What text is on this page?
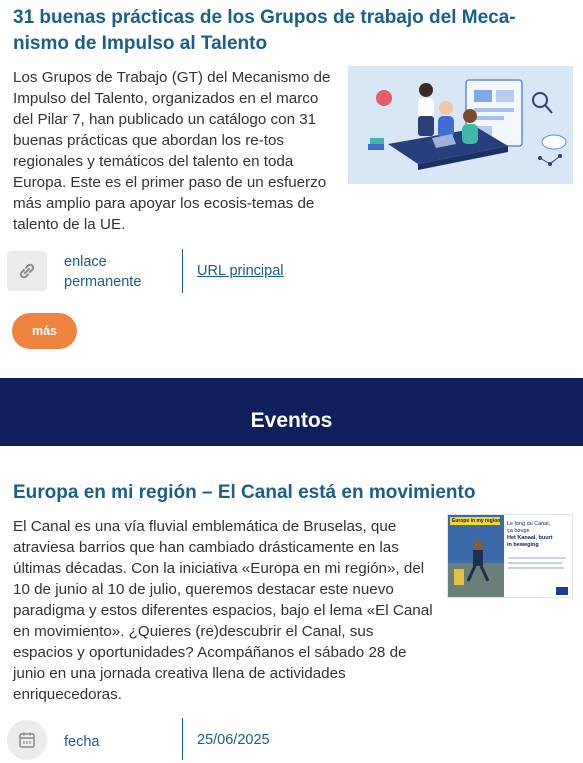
31 buenas prácticas de los Grupos de trabajo del Meca-nismo de Impulso al Talento

Los Grupos de Trabajo (GT) del Mecanismo de Impulso del Talento, organizados en el marco del Pilar 7, han publicado un catálogo con 31 buenas prácticas que abordan los re-tos regionales y temáticos del talento en toda Europa. Este es el primer paso de un esfuerzo más amplio para apoyar los ecosis-temas de talento de la UE.

enlace permanente
URL principal
más
Eventos
Europa en mi región – El Canal está en movimiento

El Canal es una vía fluvial emblemática de Bruselas, que atraviesa barrios que han cambiado drásticamente en las últimas décadas. Con la iniciativa «Europa en mi región», del 10 de junio al 10 de julio, queremos destacar este nuevo paradigma y estos diferentes espacios, bajo el lema «El Canal en movimiento». ¿Quieres (re)descubrir el Canal, sus espacios y oportunidades? Acompáñanos el sábado 28 de junio en una jornada creativa llena de actividades enriquecedoras.

Europe in my region Le long du Canal,
ça bouge
Het Kanaal, buurt
in beweging
fecha	25/06/2025
